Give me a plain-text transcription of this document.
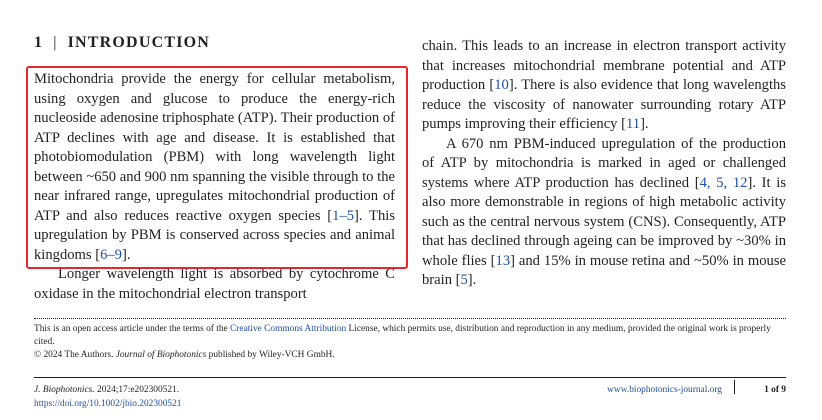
1 | INTRODUCTION

Mitochondria provide the energy for cellular metabolism, using oxygen and glucose to produce the energy-rich nucleoside adenosine triphosphate (ATP). Their production of ATP declines with age and disease. It is established that photobiomodulation (PBM) with long wavelength light between ~650 and 900 nm spanning the visible through to the near infrared range, upregulates mitochondrial production of ATP and also reduces reactive oxygen species [1–5]. This upregulation by PBM is conserved across species and animal kingdoms [6–9].

Longer wavelength light is absorbed by cytochrome C oxidase in the mitochondrial electron transport

chain. This leads to an increase in electron transport activity that increases mitochondrial membrane potential and ATP production [10]. There is also evidence that long wavelengths reduce the viscosity of nanowater surrounding rotary ATP pumps improving their efficiency [11].

A 670 nm PBM-induced upregulation of the production of ATP by mitochondria is marked in aged or challenged systems where ATP production has declined [4, 5, 12]. It is also more demonstrable in regions of high metabolic activity such as the central nervous system (CNS). Consequently, ATP that has declined through ageing can be improved by ~30% in whole flies [13] and 15% in mouse retina and ~50% in mouse brain [5].

This is an open access article under the terms of the Creative Commons Attribution License, which permits use, distribution and reproduction in any medium, provided the original work is properly cited.
© 2024 The Authors. Journal of Biophotonics published by Wiley-VCH GmbH.
J. Biophotonics. 2024;17:e202300521.
https://doi.org/10.1002/jbio.202300521
www.biophotonics-journal.org	1 of 9
